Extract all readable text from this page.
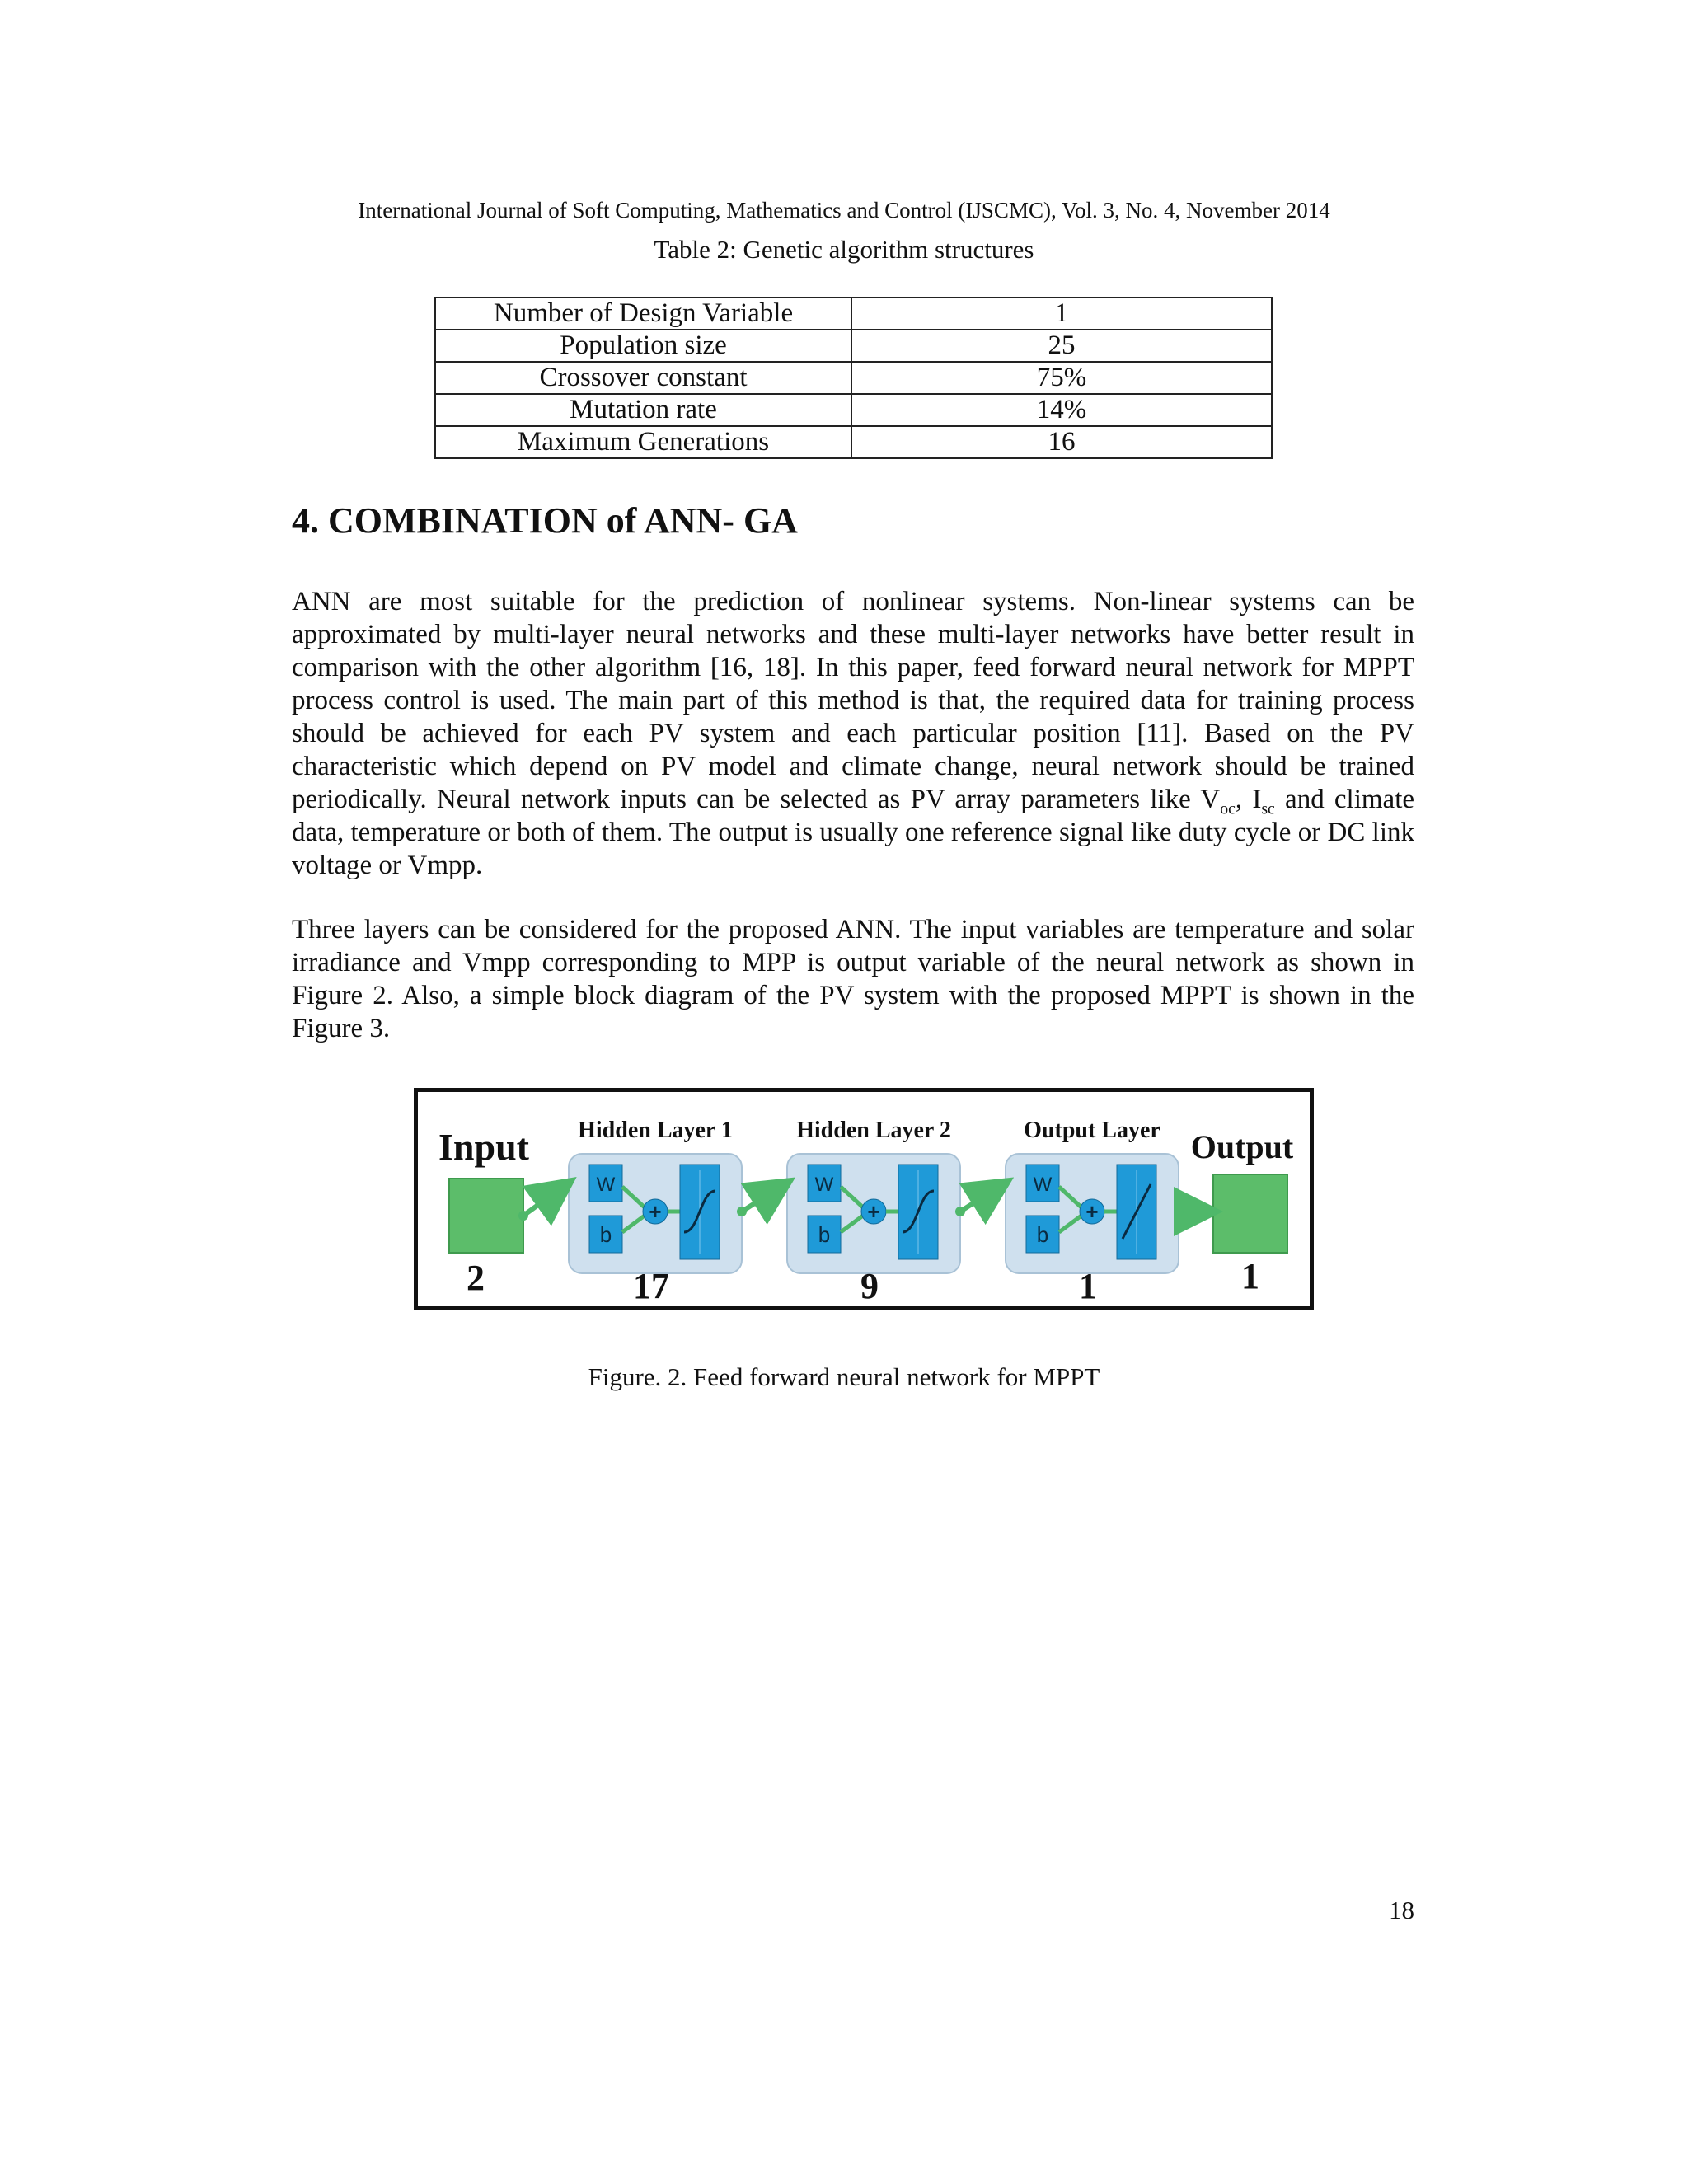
International Journal of Soft Computing, Mathematics and Control (IJSCMC), Vol. 3, No. 4, November 2014
Table 2: Genetic algorithm structures
Number of Design Variable	1
Population size	25
Crossover constant	75%
Mutation rate	14%
Maximum Generations	16
4. COMBINATION of ANN- GA

ANN are most suitable for the prediction of nonlinear systems. Non-linear systems can be approximated by multi-layer neural networks and these multi-layer networks have better result in comparison with the other algorithm [16, 18]. In this paper, feed forward neural network for MPPT process control is used. The main part of this method is that, the required data for training process should be achieved for each PV system and each particular position [11]. Based on the PV characteristic which depend on PV model and climate change, neural network should be trained periodically. Neural network inputs can be selected as PV array parameters like $V_{oc}$, $I_{sc}$ and climate data, temperature or both of them. The output is usually one reference signal like duty cycle or DC link voltage or Vmpp.

Three layers can be considered for the proposed ANN. The input variables are temperature and solar irradiance and Vmpp corresponding to MPP is output variable of the neural network as shown in Figure 2. Also, a simple block diagram of the PV system with the proposed MPPT is shown in the Figure 3.

Input
2
Output
1
Hidden Layer 1
W
b
+
17
Hidden Layer 2
W
b
+
9
Output Layer
W
b
+
1
Figure. 2. Feed forward neural network for MPPT
18
